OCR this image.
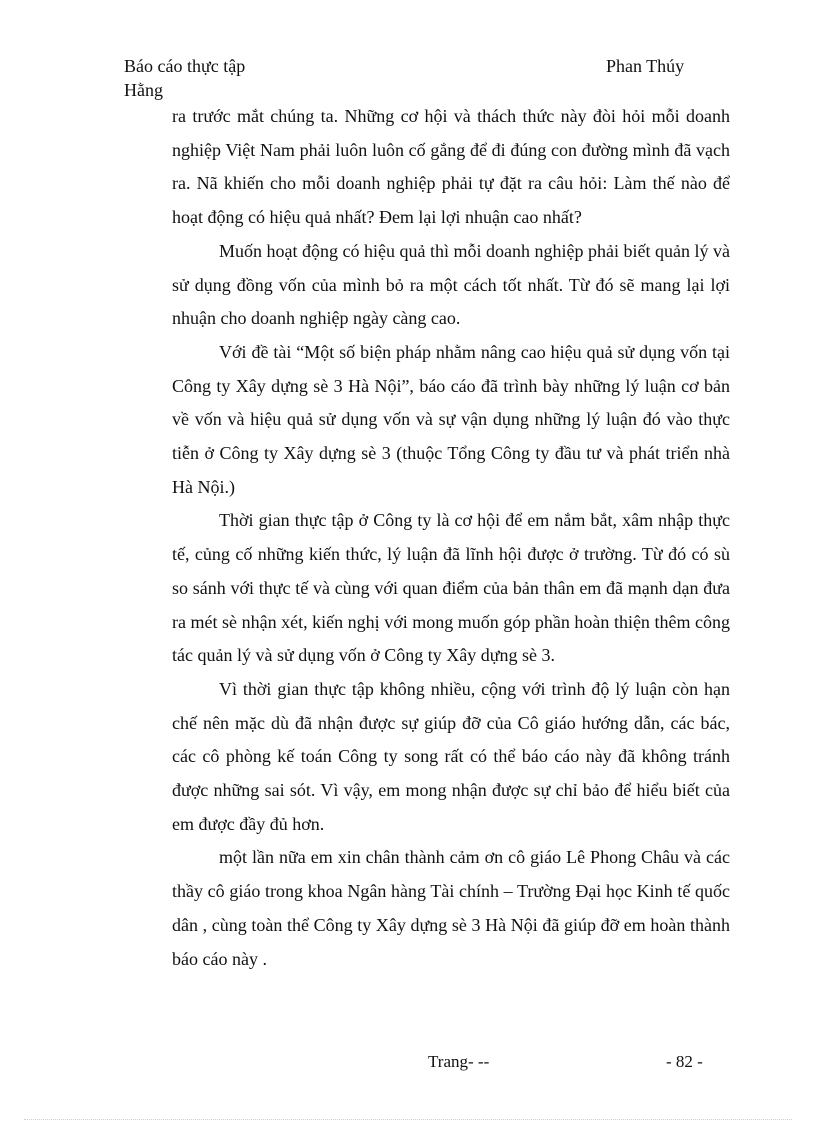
Báo cáo thực tập
Hằng
Phan Thúy

ra trước mắt chúng ta. Những cơ hội và thách thức này đòi hỏi mỗi doanh nghiệp Việt Nam phải luôn luôn cố gắng để đi đúng con đường mình đã vạch ra. Nã khiến cho mỗi doanh nghiệp phải tự đặt ra câu hỏi: Làm thế nào để hoạt động có hiệu quả nhất? Đem lại lợi nhuận cao nhất?

Muốn hoạt động có hiệu quả thì mỗi doanh nghiệp phải biết quản lý và sử dụng đồng vốn của mình bỏ ra một cách tốt nhất. Từ đó sẽ mang lại lợi nhuận cho doanh nghiệp ngày càng cao.

Với đề tài “Một số biện pháp nhằm nâng cao hiệu quả sử dụng vốn tại Công ty Xây dựng sè 3 Hà Nội”, báo cáo đã trình bày những lý luận cơ bản về vốn và hiệu quả sử dụng vốn và sự vận dụng những lý luận đó vào thực tiễn ở Công ty Xây dựng sè 3 (thuộc Tổng Công ty đầu tư và phát triển nhà Hà Nội.)

Thời gian thực tập ở Công ty là cơ hội để em nắm bắt, xâm nhập thực tế, củng cố những kiến thức, lý luận đã lĩnh hội được ở trường. Từ đó có sù so sánh với thực tế và cùng với quan điểm của bản thân em đã mạnh dạn đưa ra mét sè nhận xét, kiến nghị với mong muốn góp phần hoàn thiện thêm công tác quản lý và sử dụng vốn ở Công ty Xây dựng sè 3.

Vì thời gian thực tập không nhiều, cộng với trình độ lý luận còn hạn chế nên mặc dù đã nhận được sự giúp đỡ của Cô giáo hướng dẫn, các bác, các cô phòng kế toán Công ty song rất có thể báo cáo này đã không tránh được những sai sót. Vì vậy, em mong nhận được sự chỉ bảo để hiểu biết của em được đầy đủ hơn.

một lần nữa em xin chân thành cảm ơn cô giáo Lê Phong Châu và các thầy cô giáo trong khoa Ngân hàng Tài chính – Trường Đại học Kinh tế quốc dân , cùng toàn thể Công ty Xây dựng sè 3 Hà Nội đã giúp đỡ em hoàn thành báo cáo này .

Trang- --	- 82 -
